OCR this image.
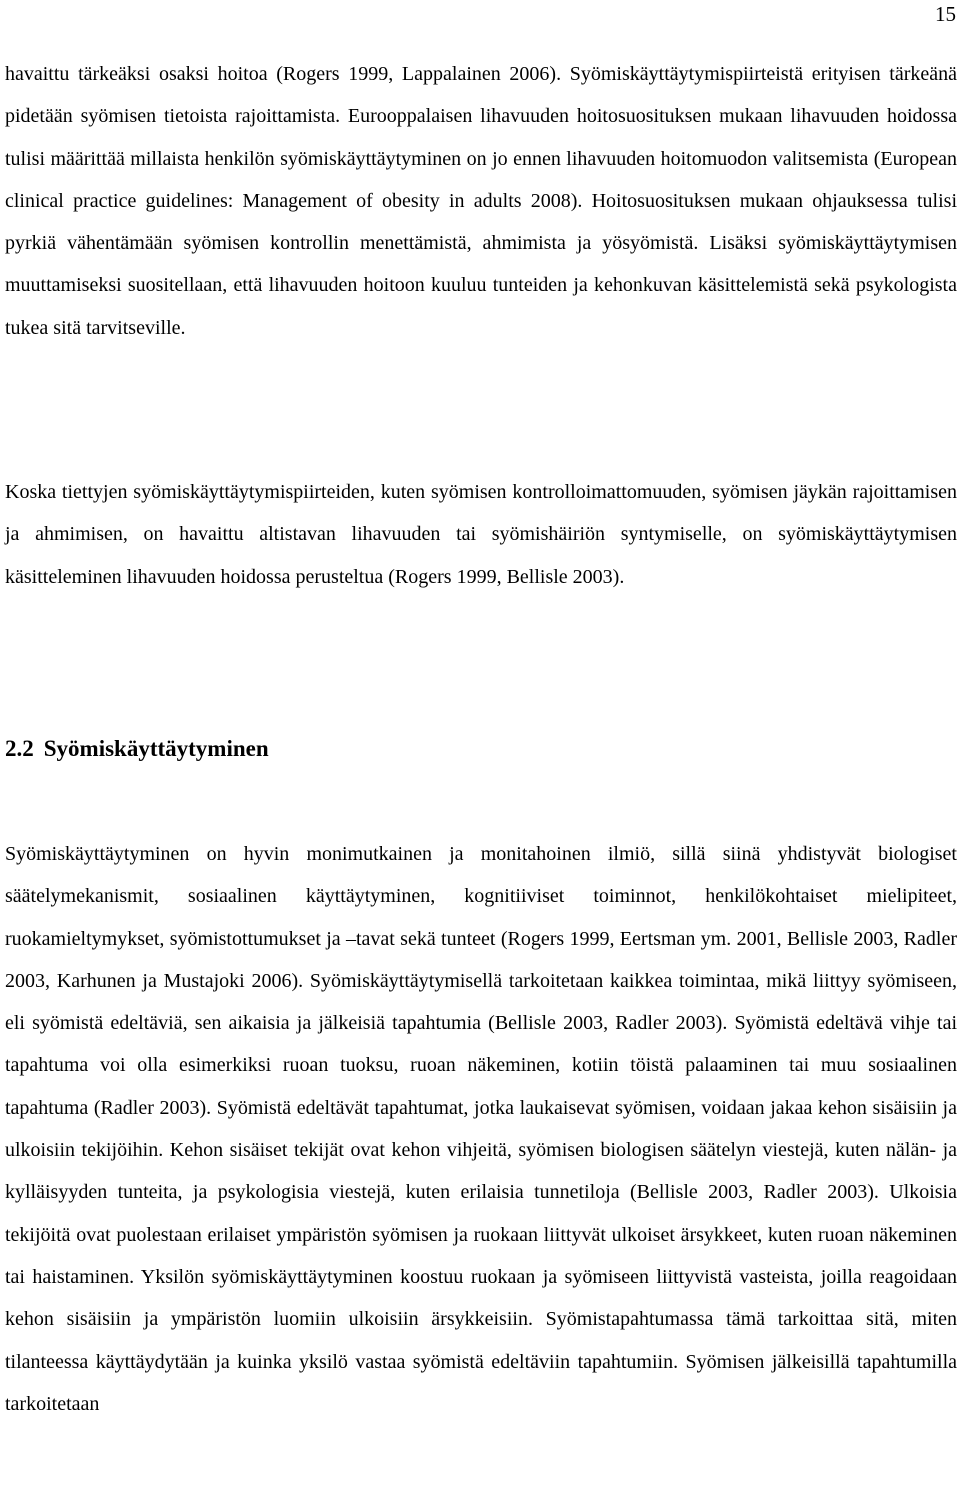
15

havaittu tärkeäksi osaksi hoitoa (Rogers 1999, Lappalainen 2006). Syömiskäyttäytymispiirteistä erityisen tärkeänä pidetään syömisen tietoista rajoittamista. Eurooppalaisen lihavuuden hoitosuosituksen mukaan lihavuuden hoidossa tulisi määrittää millaista henkilön syömiskäyttäytyminen on jo ennen lihavuuden hoitomuodon valitsemista (European clinical practice guidelines: Management of obesity in adults 2008). Hoitosuosituksen mukaan ohjauksessa tulisi pyrkiä vähentämään syömisen kontrollin menettämistä, ahmimista ja yösyömistä. Lisäksi syömiskäyttäytymisen muuttamiseksi suositellaan, että lihavuuden hoitoon kuuluu tunteiden ja kehonkuvan käsittelemistä sekä psykologista tukea sitä tarvitseville.

Koska tiettyjen syömiskäyttäytymispiirteiden, kuten syömisen kontrolloimattomuuden, syömisen jäykän rajoittamisen ja ahmimisen, on havaittu altistavan lihavuuden tai syömishäiriön syntymiselle, on syömiskäyttäytymisen käsitteleminen lihavuuden hoidossa perusteltua (Rogers 1999, Bellisle 2003).

2.2 Syömiskäyttäytyminen

Syömiskäyttäytyminen on hyvin monimutkainen ja monitahoinen ilmiö, sillä siinä yhdistyvät biologiset säätelymekanismit, sosiaalinen käyttäytyminen, kognitiiviset toiminnot, henkilökohtaiset mielipiteet, ruokamieltymykset, syömistottumukset ja –tavat sekä tunteet (Rogers 1999, Eertsman ym. 2001, Bellisle 2003, Radler 2003, Karhunen ja Mustajoki 2006). Syömiskäyttäytymisellä tarkoitetaan kaikkea toimintaa, mikä liittyy syömiseen, eli syömistä edeltäviä, sen aikaisia ja jälkeisiä tapahtumia (Bellisle 2003, Radler 2003). Syömistä edeltävä vihje tai tapahtuma voi olla esimerkiksi ruoan tuoksu, ruoan näkeminen, kotiin töistä palaaminen tai muu sosiaalinen tapahtuma (Radler 2003). Syömistä edeltävät tapahtumat, jotka laukaisevat syömisen, voidaan jakaa kehon sisäisiin ja ulkoisiin tekijöihin. Kehon sisäiset tekijät ovat kehon vihjeitä, syömisen biologisen säätelyn viestejä, kuten nälän- ja kylläisyyden tunteita, ja psykologisia viestejä, kuten erilaisia tunnetiloja (Bellisle 2003, Radler 2003). Ulkoisia tekijöitä ovat puolestaan erilaiset ympäristön syömisen ja ruokaan liittyvät ulkoiset ärsykkeet, kuten ruoan näkeminen tai haistaminen. Yksilön syömiskäyttäytyminen koostuu ruokaan ja syömiseen liittyvistä vasteista, joilla reagoidaan kehon sisäisiin ja ympäristön luomiin ulkoisiin ärsykkeisiin. Syömistapahtumassa tämä tarkoittaa sitä, miten tilanteessa käyttäydytään ja kuinka yksilö vastaa syömistä edeltäviin tapahtumiin. Syömisen jälkeisillä tapahtumilla tarkoitetaan
